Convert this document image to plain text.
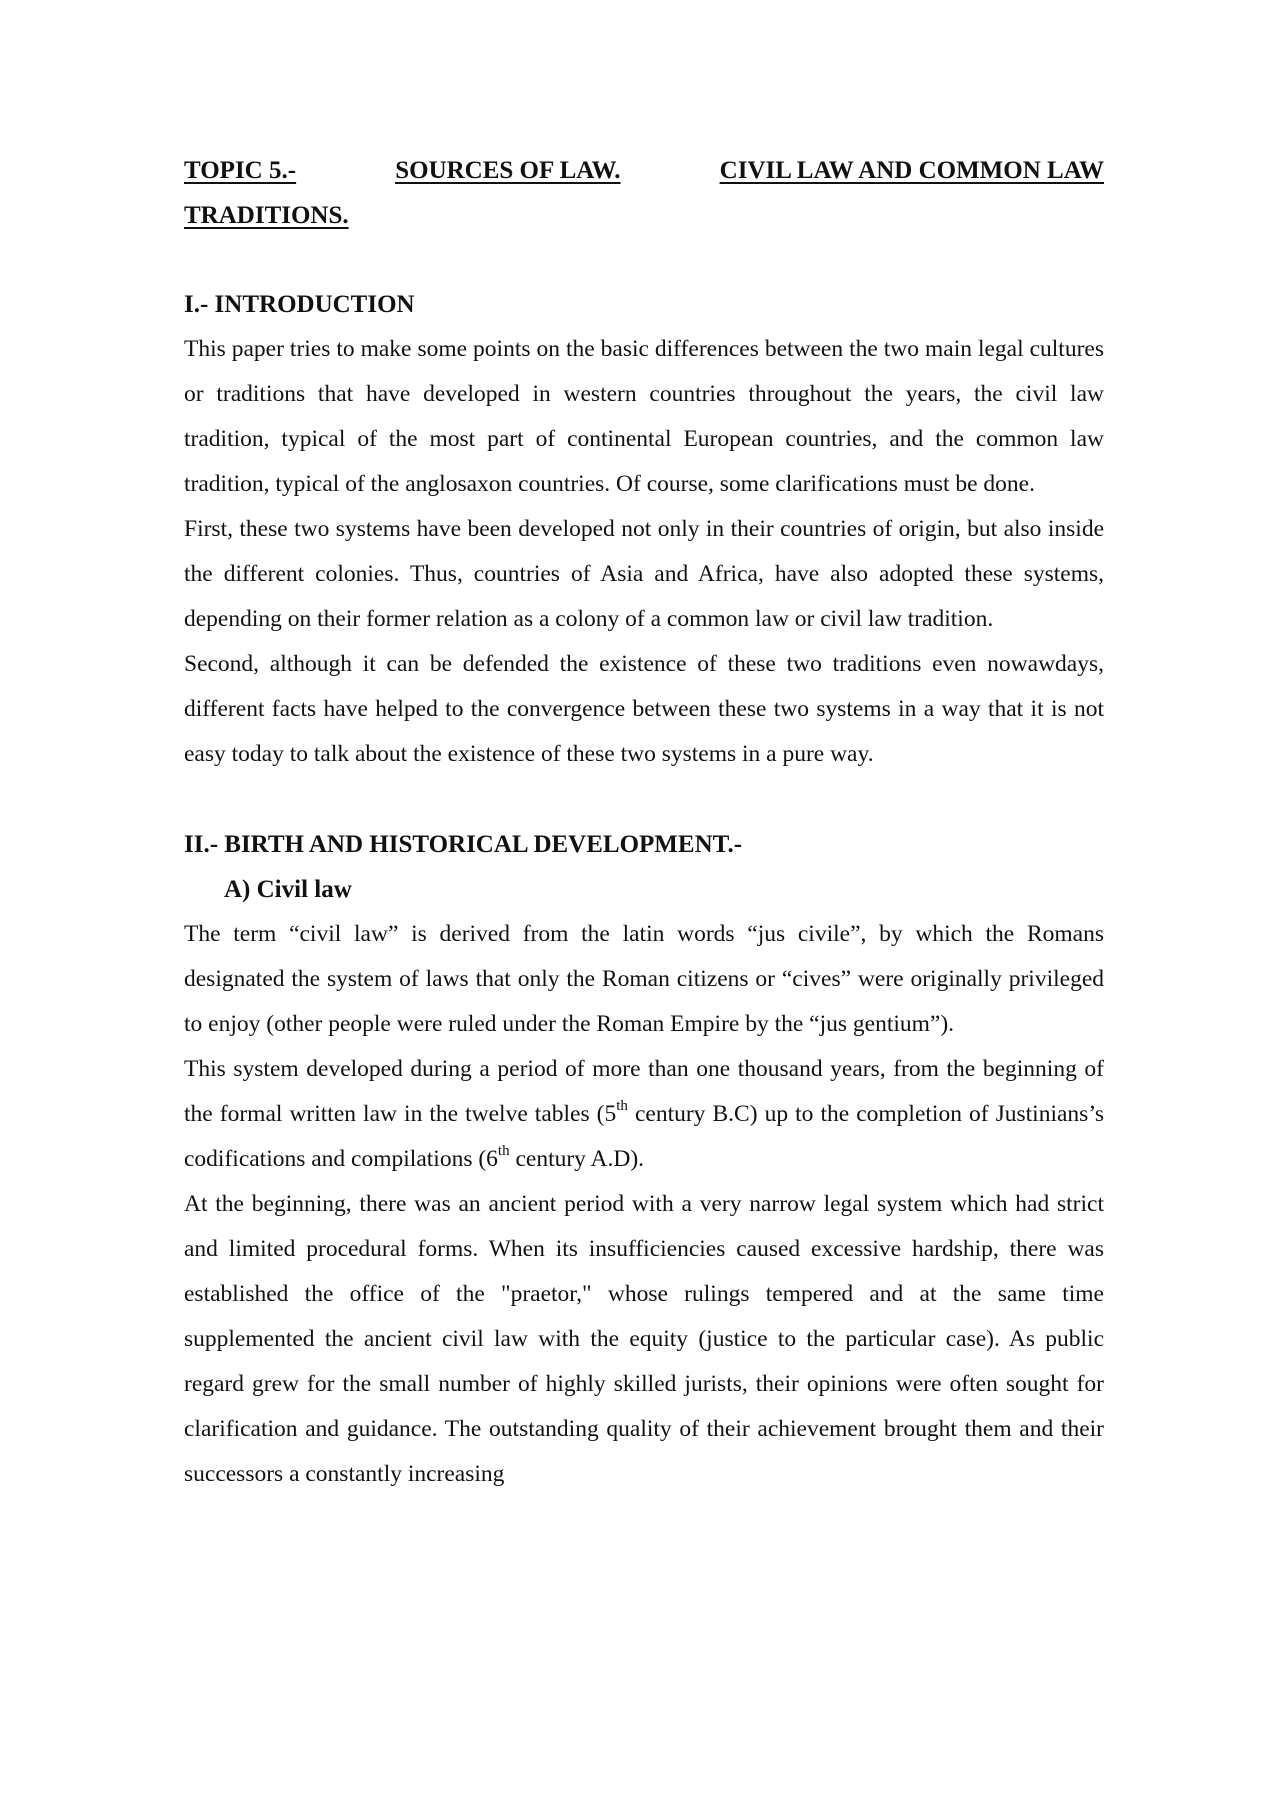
TOPIC 5.-	SOURCES OF LAW.	CIVIL LAW AND COMMON LAW
TRADITIONS.
I.- INTRODUCTION

This paper tries to make some points on the basic differences between the two main legal cultures or traditions that have developed in western countries throughout the years, the civil law tradition, typical of the most part of continental European countries, and the common law tradition, typical of the anglosaxon countries. Of course, some clarifications must be done.

First, these two systems have been developed not only in their countries of origin, but also inside the different colonies. Thus, countries of Asia and Africa, have also adopted these systems, depending on their former relation as a colony of a common law or civil law tradition.

Second, although it can be defended the existence of these two traditions even nowawdays, different facts have helped to the convergence between these two systems in a way that it is not easy today to talk about the existence of these two systems in a pure way.

II.- BIRTH AND HISTORICAL DEVELOPMENT.-
A) Civil law

The term “civil law” is derived from the latin words “jus civile”, by which the Romans designated the system of laws that only the Roman citizens or “cives” were originally privileged to enjoy (other people were ruled under the Roman Empire by the “jus gentium”).

This system developed during a period of more than one thousand years, from the beginning of the formal written law in the twelve tables (5th century B.C) up to the completion of Justinians’s codifications and compilations (6th century A.D).

At the beginning, there was an ancient period with a very narrow legal system which had strict and limited procedural forms. When its insufficiencies caused excessive hardship, there was established the office of the "praetor," whose rulings tempered and at the same time supplemented the ancient civil law with the equity (justice to the particular case). As public regard grew for the small number of highly skilled jurists, their opinions were often sought for clarification and guidance. The outstanding quality of their achievement brought them and their successors a constantly increasing
